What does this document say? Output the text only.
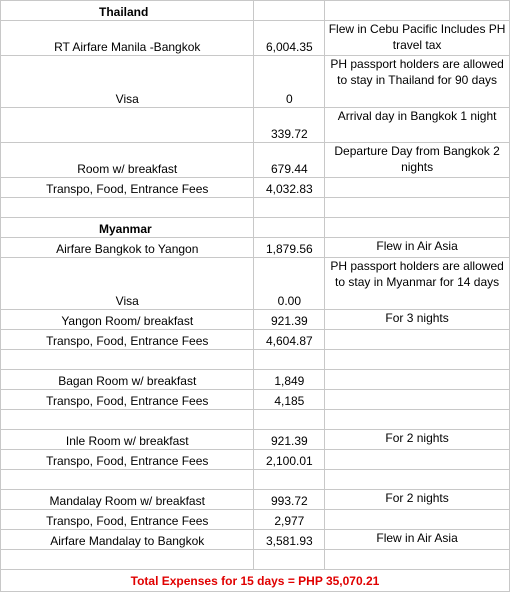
Thailand		
RT Airfare Manila -Bangkok	6,004.35	Flew in Cebu Pacific Includes PH travel tax
Visa	0	PH passport holders are allowed to stay in Thailand for 90 days
	339.72	Arrival day in Bangkok 1 night
Room w/ breakfast	679.44	Departure Day from Bangkok 2 nights
Transpo, Food, Entrance Fees	4,032.83	

Myanmar		
Airfare Bangkok to Yangon	1,879.56	Flew in Air Asia
Visa	0.00	PH passport holders are allowed to stay in Myanmar for 14 days
Yangon Room/ breakfast	921.39	For 3 nights
Transpo, Food, Entrance Fees	4,604.87	

Bagan Room w/ breakfast	1,849	
Transpo, Food, Entrance Fees	4,185	

Inle Room w/ breakfast	921.39	For 2 nights
Transpo, Food, Entrance Fees	2,100.01	

Mandalay Room w/ breakfast	993.72	For 2 nights
Transpo, Food, Entrance Fees	2,977	
Airfare Mandalay to Bangkok	3,581.93	Flew in Air Asia

Total Expenses for 15 days = PHP 35,070.21		
